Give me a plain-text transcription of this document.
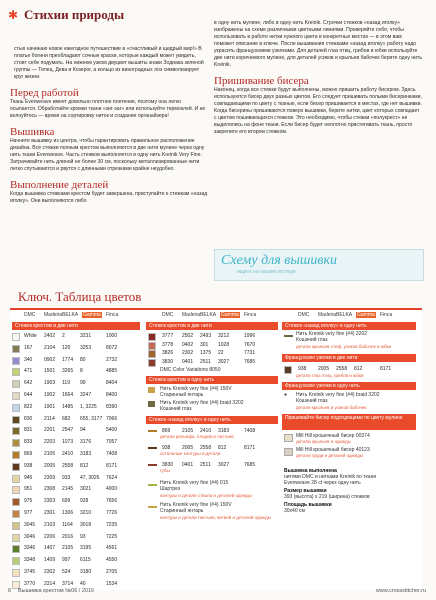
✱ Стихии природы

стью начинаю новое ежегодное путешествие в «счастливый и щедрый мир!» В платье богини преобладают сочные краски, которые каждый может увидеть, стоит себе подумать. На нижнем узком двуцвет вышиты знаки Зодиака зеленой группы — Телец, Дева и Козерог, а кольцо из виноградных лоз символизирует круг жизни.

Перед работой

Ткань Evenweave имеет довольно плотное плетение, поэтому она легко осыпается. Обработайте кромки ткани «зиг-заг» или используйте термоклей. И не волнуйтесь — время на сортировку ниток и создание органайзера!

Вышивка

Начните вышивку из центра, чтобы гарантировать правильное расположение дизайна. Все стежки полным крестом выполняются в две нити мулине через одну нить ткани Evenweave. Часть стежков выполняется в одну нить Kreinik Very Fine. Затрачивайте нить длиной не более 30 см, поскольку металлизированные нити легко спутываются и рвутся с длинными отрезками крайне неудобно.

Выполнение деталей

Когда вышивка стежками крестом будет завершена, приступайте к стежкам «назад иголку». Они выполняются либо

в одну нить мулине, либо в одну нить Kreinik. Строчки стежков «назад иголку» изображены на схеме различными цветными линиями. Проверяйте себя, чтобы использовать в работе нитки нужного цвета в конкретных местах — в этом вам поможет описание в ключе. После вышивания стежками «назад иголку» работу надо украсить французскими узелками. Для деталей глаз птиц, грибов и юбки используйте две нити коричневого мулине, для деталей усиков и крыльев бабочек берите одну нить Kreinik.

Пришивание бисера

Наконец, когда все стежки будут выполнены, можно пришить работу бисером. Здесь используются бисер двух разных цветов. Его следует пришивать полыми бисеринками, совпадающими по цвету с тканью, если бисер пришивается в местах, где нет вышивки. Когда бисерины пришиваются поверх вышивки, берите нитки, цвет которых совпадает с цветом пошивающихся стежков. Это необходимо, чтобы стежки «полукрест» не выделялись на фоне ткани. Если бисер будет неплотно пристегивать ткань, просто закрепите его втором стежком.

Схему для вышивки
ищите на нашем постере
Ключ. Таблица цветов
DMC Madeira BELKA Gamma Finca
Стежок крестом в две нити
White 2402 2	3231	1000
167 2104 120 3253	8072
340 0902 1774 80	2732
471 1501 3265 8	4885
642 1903 119 99	8404
644 1902 1664 3247	8400
822 1901 1485 1, 3225 8390
830 2114 682 655, 3177 7066
831 2201 2547 94	5400
833 2203 1073 3176	7057
869 2105 2410 3183	7408
938 2005 2558 812	8171
945 2309 933 47, 3026 7624
951 2308 2145 3021	4000
975 2303 699 928	7656
977 2301 1306 3210	7726
3045 2103 1164 3018	7235
3046 2206 2016 93	7225
3346 1407 2105 3195	4561
3348 1409 997 6115	4550
3745 2302 524 3180	2705
3770 2314 3714 40	1534
DMC Madeira BELKA Gamma Finca
Стежок крестом в две нити
3777 2502 2493 3212	1996
3778 0402 301 1028	7670
3826 2302 1375 22	7731
3830 0401 2511 3027	7685
DMC Color Variations 8050
Стежок крестом в одну нить
Нить Kreinik very fine (#4) 150V
Старинный янтарь
Нить Kreinik very fine (#4) braid 3202
Кошачий глаз
Стежок «назад иголку» в одну нить
869 2105 2410 3183	7408
детали рельефа, плодов и листьев
938 2005 2558 812	8171
остальные контуры и детали
3830 0401 2511 3027	7685
губы
Нить Kreinik very fine (#4) 015
Шартрез
контуры и детали ствола и деталей одежды
Нить Kreinik very fine (#4) 150V
Старинный янтарь
контуры и детали листьев, ветвей и деталей одежды
DMC Madeira BELKA Gamma Finca
Стежок «назад иголку» в одну нить
Нить Kreinik very fine (#4) 3202
Кошачий глаз
детали крыльев стеф, усиков бабочек и юбки
Французские узелки в две нити
938 2005 2558 812	8171
детали глаз птиц, грибов и юбки
Французские узелки в одну нить
● Нить Kreinik very fine (#4) braid 3202
Кошачий глаз
детали крыльев и усиков бабочек
Пришивайте бисер подходящими по цвету мулине
Mill Hill крошечный бисер 00374
детали крыльев и одежды
Mill Hill крошечный бисер 40123
детали груди и деталей одежды
Вышивка выполнена
нитями DMC и нитками Kreinik по ткани
Evenweave 28 ct через одну нить
Размер вышивки
393 (высота) x 219 (ширина) стежков
Площадь вышивки
30x40 см
8 Вышивка крестом №06 / 2016	www.crossstitcher.ru
